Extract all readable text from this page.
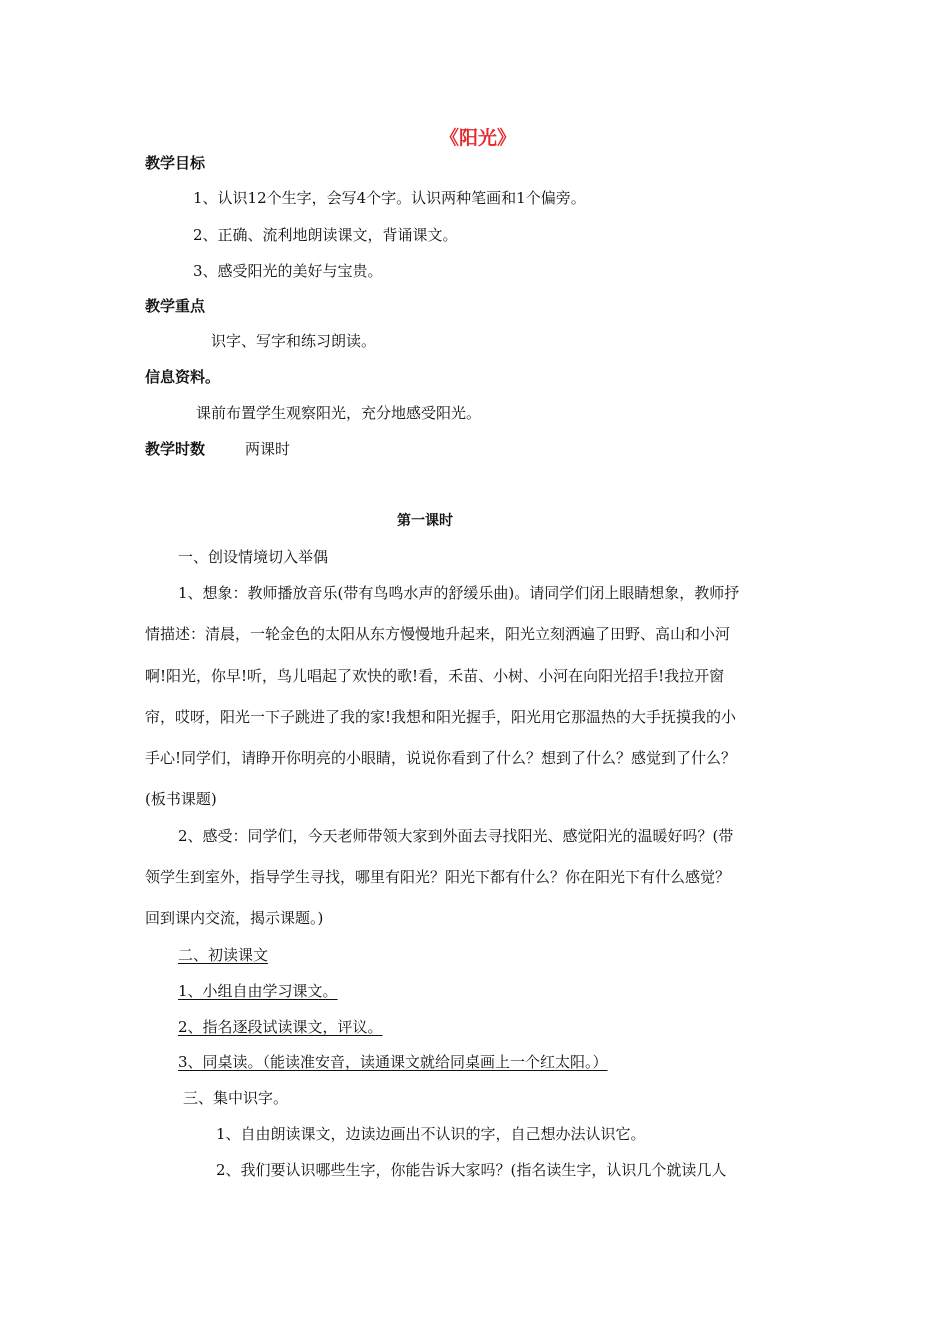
《阳光》
教学目标
1、认识12个生字，会写4个字。认识两种笔画和1个偏旁。
2、正确、流利地朗读课文，背诵课文。
3、感受阳光的美好与宝贵。
教学重点
识字、写字和练习朗读。
信息资料。
课前布置学生观察阳光，充分地感受阳光。
教学时数	两课时
第一课时
一、创设情境切入举偶
1、想象：教师播放音乐(带有鸟鸣水声的舒缓乐曲)。请同学们闭上眼睛想象，教师抒
情描述：清晨，一轮金色的太阳从东方慢慢地升起来，阳光立刻洒遍了田野、高山和小河
啊!阳光，你早!听，鸟儿唱起了欢快的歌!看，禾苗、小树、小河在向阳光招手!我拉开窗
帘，哎呀，阳光一下子跳进了我的家!我想和阳光握手，阳光用它那温热的大手抚摸我的小
手心!同学们，请睁开你明亮的小眼睛，说说你看到了什么？想到了什么？感觉到了什么？
(板书课题)
2、感受：同学们，今天老师带领大家到外面去寻找阳光、感觉阳光的温暖好吗？(带
领学生到室外，指导学生寻找，哪里有阳光？阳光下都有什么？你在阳光下有什么感觉？
回到课内交流，揭示课题。)
二、初读课文
1、小组自由学习课文。
2、指名逐段试读课文，评议。
3、同桌读。（能读准安音，读通课文就给同桌画上一个红太阳。）
三、集中识字。
1、自由朗读课文，边读边画出不认识的字，自己想办法认识它。
2、我们要认识哪些生字，你能告诉大家吗？(指名读生字，认识几个就读几人
